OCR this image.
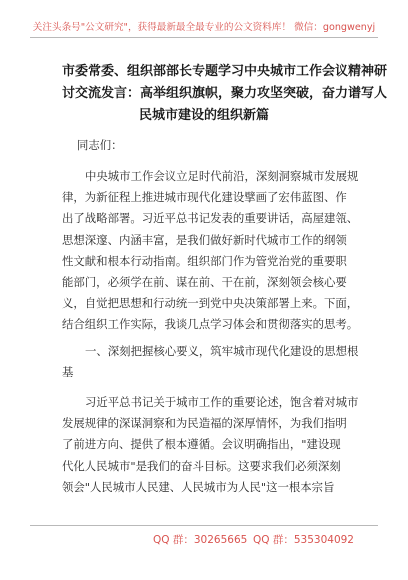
关注头条号"公文研究"，获得最新最全最专业的公文资料库！ 微信：gongwenyj
市委常委、组织部部长专题学习中央城市工作会议精神研
讨交流发言：高举组织旗帜，聚力攻坚突破，奋力谱写人
民城市建设的组织新篇
同志们：
中央城市工作会议立足时代前沿，深刻洞察城市发展规
律，为新征程上推进城市现代化建设擘画了宏伟蓝图、作
出了战略部署。习近平总书记发表的重要讲话，高屋建瓴、
思想深邃、内涵丰富，是我们做好新时代城市工作的纲领
性文献和根本行动指南。组织部门作为管党治党的重要职
能部门，必须学在前、谋在前、干在前，深刻领会核心要
义，自觉把思想和行动统一到党中央决策部署上来。下面，
结合组织工作实际，我谈几点学习体会和贯彻落实的思考。
一、深刻把握核心要义，筑牢城市现代化建设的思想根
基
习近平总书记关于城市工作的重要论述，饱含着对城市
发展规律的深谋洞察和为民造福的深厚情怀，为我们指明
了前进方向、提供了根本遵循。会议明确指出，"建设现
代化人民城市"是我们的奋斗目标。这要求我们必须深刻
领会"人民城市人民建、人民城市为人民"这一根本宗旨
QQ 群：30265665 QQ 群：535304092
